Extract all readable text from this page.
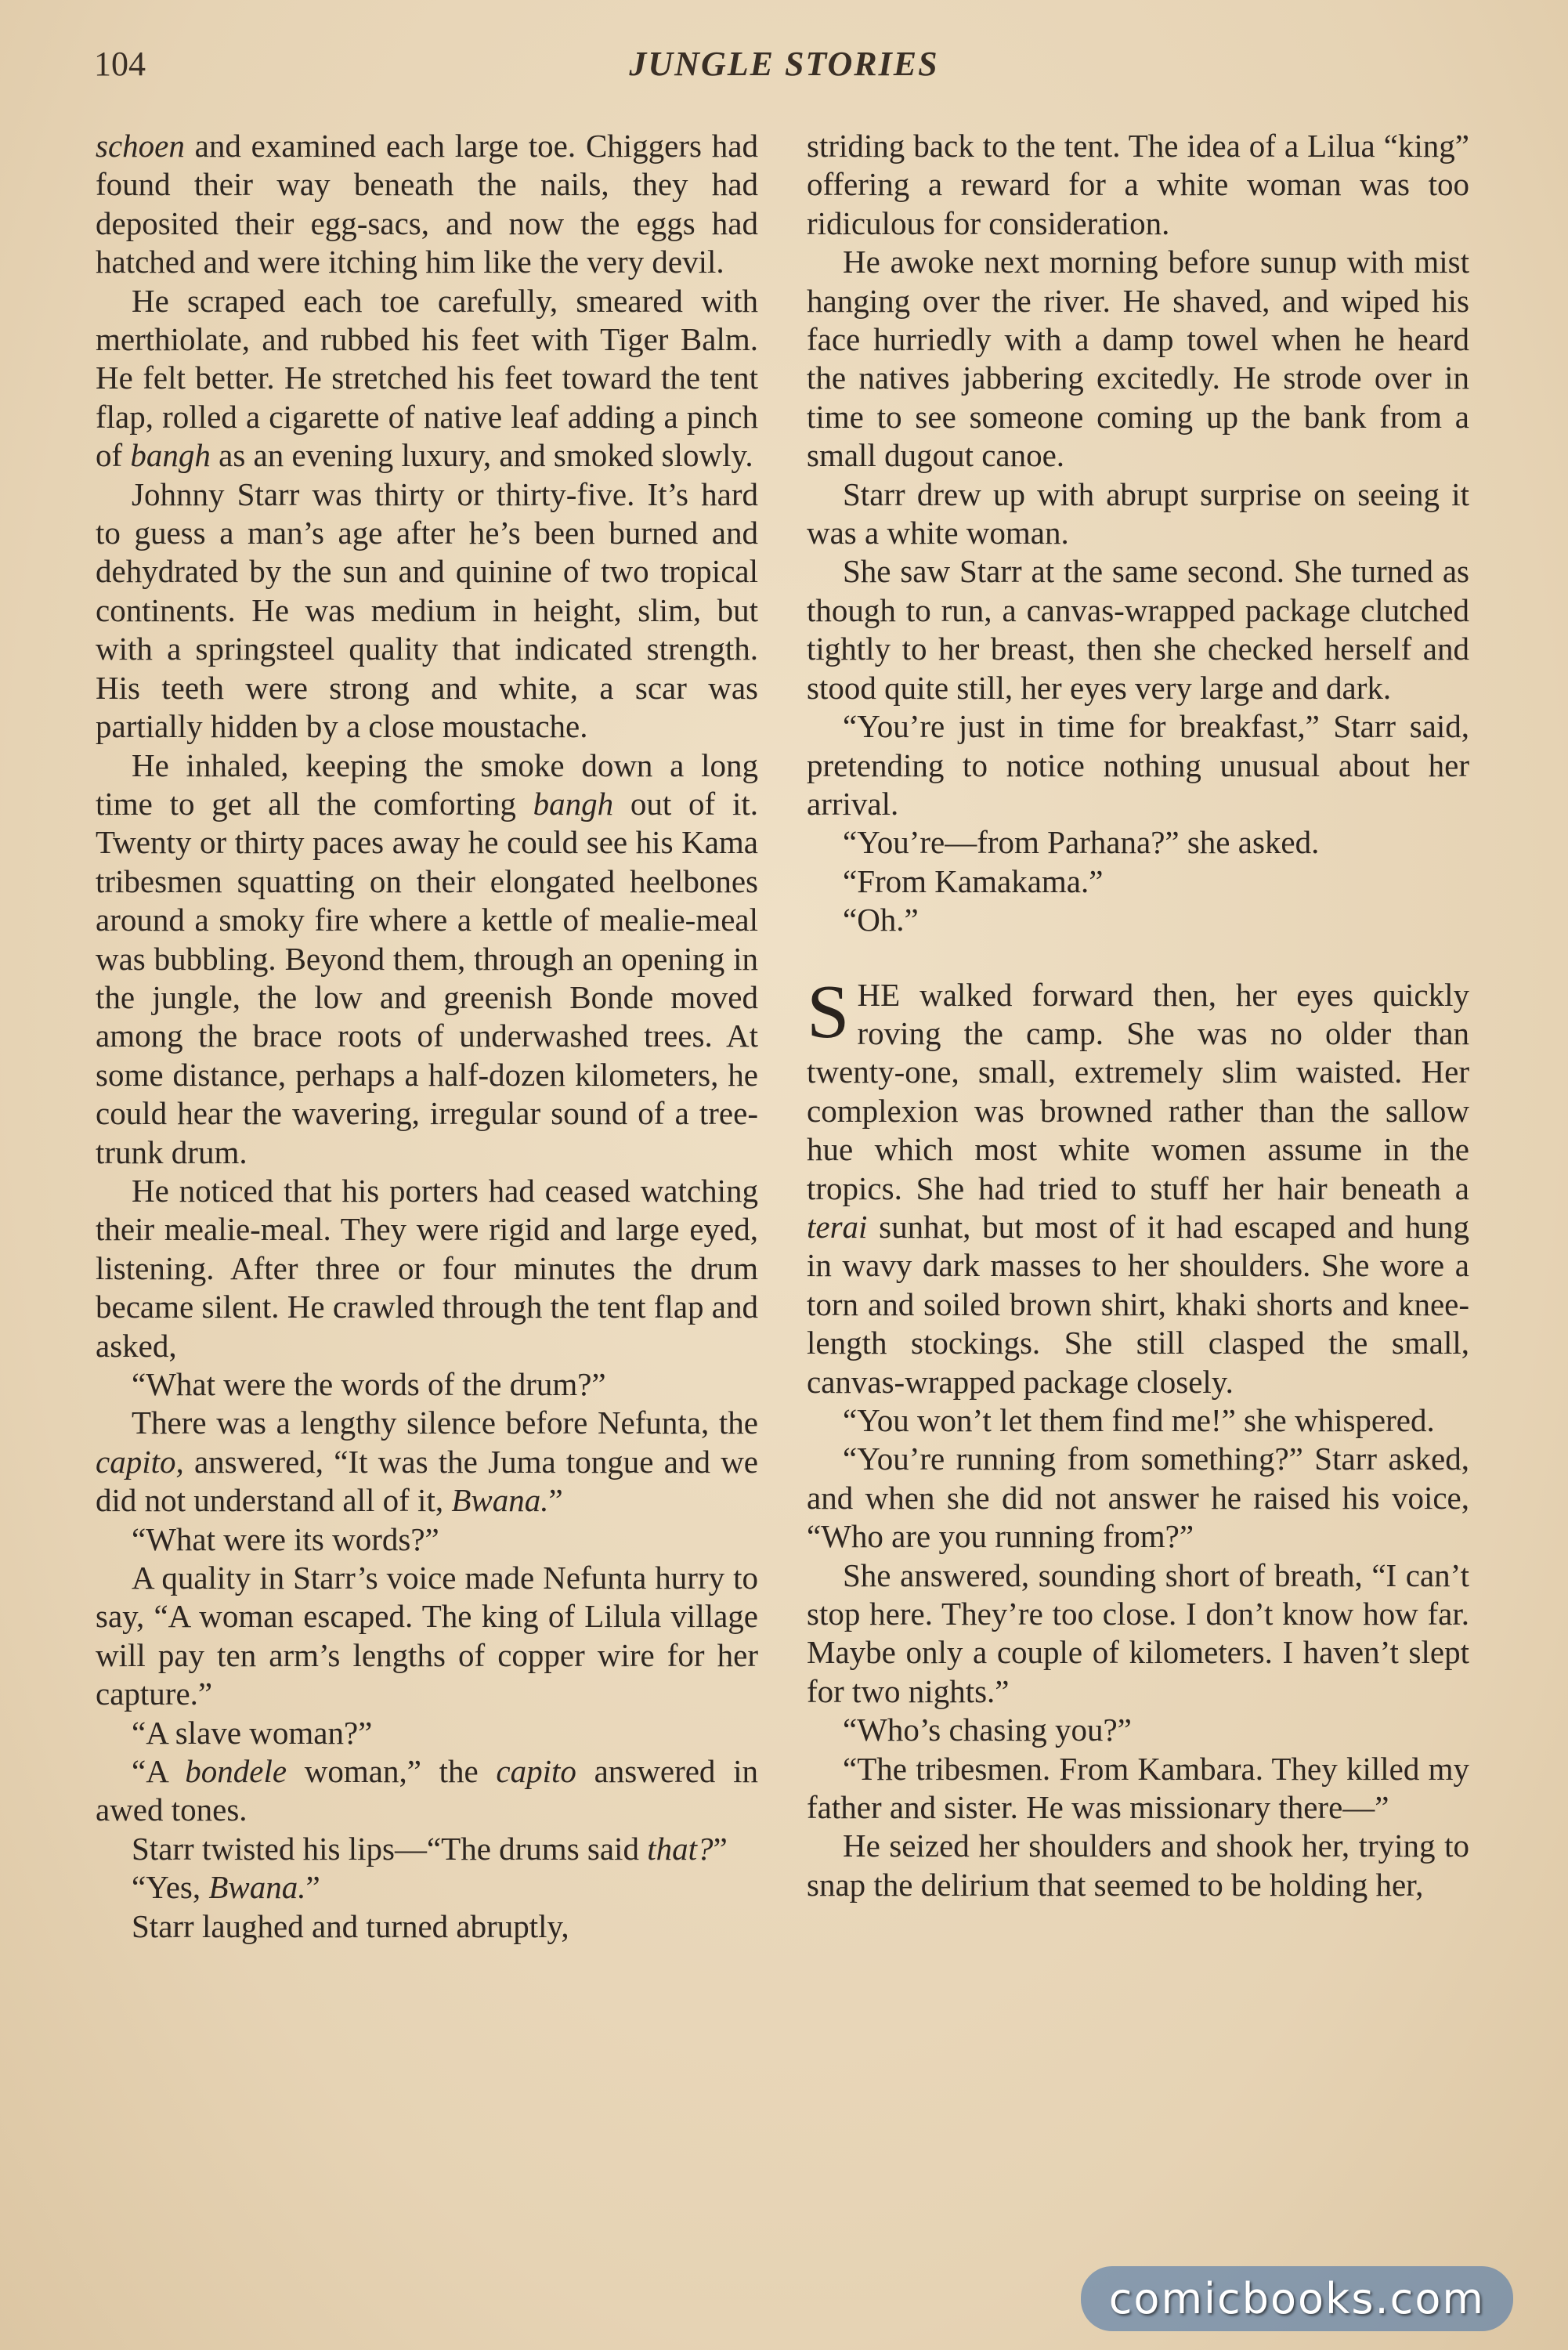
104	JUNGLE STORIES

schoen and examined each large toe. Chiggers had found their way beneath the nails, they had deposited their egg-sacs, and now the eggs had hatched and were itching him like the very devil.

He scraped each toe carefully, smeared with merthiolate, and rubbed his feet with Tiger Balm. He felt better. He stretched his feet toward the tent flap, rolled a cigarette of native leaf adding a pinch of bangh as an evening luxury, and smoked slowly.

Johnny Starr was thirty or thirty-five. It’s hard to guess a man’s age after he’s been burned and dehydrated by the sun and quinine of two tropical continents. He was medium in height, slim, but with a springsteel quality that indicated strength. His teeth were strong and white, a scar was partially hidden by a close moustache.

He inhaled, keeping the smoke down a long time to get all the comforting bangh out of it. Twenty or thirty paces away he could see his Kama tribesmen squatting on their elongated heelbones around a smoky fire where a kettle of mealie-meal was bubbling. Beyond them, through an opening in the jungle, the low and greenish Bonde moved among the brace roots of underwashed trees. At some distance, perhaps a half-dozen kilometers, he could hear the wavering, irregular sound of a tree-trunk drum.

He noticed that his porters had ceased watching their mealie-meal. They were rigid and large eyed, listening. After three or four minutes the drum became silent. He crawled through the tent flap and asked,

“What were the words of the drum?”

There was a lengthy silence before Nefunta, the capito, answered, “It was the Juma tongue and we did not understand all of it, Bwana.”

“What were its words?”

A quality in Starr’s voice made Nefunta hurry to say, “A woman escaped. The king of Lilula village will pay ten arm’s lengths of copper wire for her capture.”

“A slave woman?”

“A bondele woman,” the capito answered in awed tones.

Starr twisted his lips—“The drums said that?”

“Yes, Bwana.”

Starr laughed and turned abruptly,

striding back to the tent. The idea of a Lilua “king” offering a reward for a white woman was too ridiculous for consideration.

He awoke next morning before sunup with mist hanging over the river. He shaved, and wiped his face hurriedly with a damp towel when he heard the natives jabbering excitedly. He strode over in time to see someone coming up the bank from a small dugout canoe.

Starr drew up with abrupt surprise on seeing it was a white woman.

She saw Starr at the same second. She turned as though to run, a canvas-wrapped package clutched tightly to her breast, then she checked herself and stood quite still, her eyes very large and dark.

“You’re just in time for breakfast,” Starr said, pretending to notice nothing unusual about her arrival.

“You’re—from Parhana?” she asked.

“From Kamakama.”

“Oh.”

SHE walked forward then, her eyes quickly roving the camp. She was no older than twenty-one, small, extremely slim waisted. Her complexion was browned rather than the sallow hue which most white women assume in the tropics. She had tried to stuff her hair beneath a terai sunhat, but most of it had escaped and hung in wavy dark masses to her shoulders. She wore a torn and soiled brown shirt, khaki shorts and knee-length stockings. She still clasped the small, canvas-wrapped package closely.

“You won’t let them find me!” she whispered.

“You’re running from something?” Starr asked, and when she did not answer he raised his voice, “Who are you running from?”

She answered, sounding short of breath, “I can’t stop here. They’re too close. I don’t know how far. Maybe only a couple of kilometers. I haven’t slept for two nights.”

“Who’s chasing you?”

“The tribesmen. From Kambara. They killed my father and sister. He was missionary there—”

He seized her shoulders and shook her, trying to snap the delirium that seemed to be holding her,

comicbooks.com
